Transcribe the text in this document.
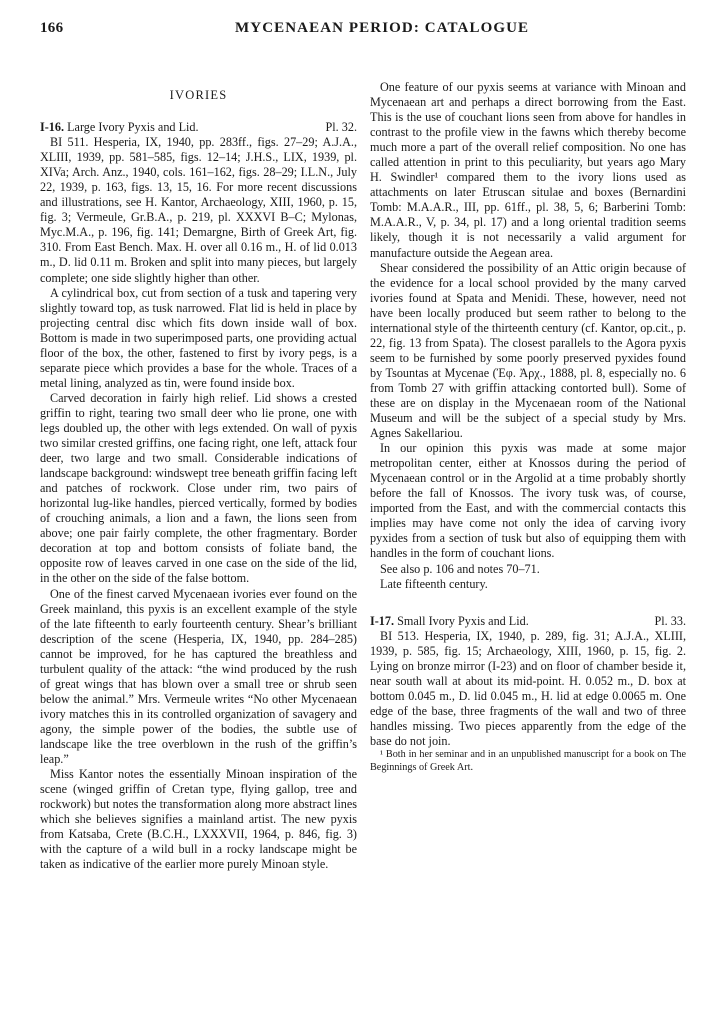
166	MYCENAEAN PERIOD: CATALOGUE
IVORIES
I-16. Large Ivory Pyxis and Lid.	Pl. 32.

BI 511. Hesperia, IX, 1940, pp. 283ff., figs. 27–29; A.J.A., XLIII, 1939, pp. 581–585, figs. 12–14; J.H.S., LIX, 1939, pl. XIVa; Arch. Anz., 1940, cols. 161–162, figs. 28–29; I.L.N., July 22, 1939, p. 163, figs. 13, 15, 16. For more recent discussions and illustrations, see H. Kantor, Archaeology, XIII, 1960, p. 15, fig. 3; Vermeule, Gr.B.A., p. 219, pl. XXXVI B–C; Mylonas, Myc.M.A., p. 196, fig. 141; Demargne, Birth of Greek Art, fig. 310. From East Bench. Max. H. over all 0.16 m., H. of lid 0.013 m., D. lid 0.11 m. Broken and split into many pieces, but largely complete; one side slightly higher than other.

A cylindrical box, cut from section of a tusk and tapering very slightly toward top, as tusk narrowed. Flat lid is held in place by projecting central disc which fits down inside wall of box. Bottom is made in two superimposed parts, one providing actual floor of the box, the other, fastened to first by ivory pegs, is a separate piece which provides a base for the whole. Traces of a metal lining, analyzed as tin, were found inside box.

Carved decoration in fairly high relief. Lid shows a crested griffin to right, tearing two small deer who lie prone, one with legs doubled up, the other with legs extended. On wall of pyxis two similar crested griffins, one facing right, one left, attack four deer, two large and two small. Considerable indications of landscape background: windswept tree beneath griffin facing left and patches of rockwork. Close under rim, two pairs of horizontal lug-like handles, pierced vertically, formed by bodies of crouching animals, a lion and a fawn, the lions seen from above; one pair fairly complete, the other fragmentary. Border decoration at top and bottom consists of foliate band, the opposite row of leaves carved in one case on the side of the lid, in the other on the side of the false bottom.

One of the finest carved Mycenaean ivories ever found on the Greek mainland, this pyxis is an excellent example of the style of the late fifteenth to early fourteenth century. Shear’s brilliant description of the scene (Hesperia, IX, 1940, pp. 284–285) cannot be improved, for he has captured the breathless and turbulent quality of the attack: “the wind produced by the rush of great wings that has blown over a small tree or shrub seen below the animal.” Mrs. Vermeule writes “No other Mycenaean ivory matches this in its controlled organization of savagery and agony, the simple power of the bodies, the subtle use of landscape like the tree overblown in the rush of the griffin’s leap.”

Miss Kantor notes the essentially Minoan inspiration of the scene (winged griffin of Cretan type, flying gallop, tree and rockwork) but notes the transformation along more abstract lines which she believes signifies a mainland artist. The new pyxis from Katsaba, Crete (B.C.H., LXXXVII, 1964, p. 846, fig. 3) with the capture of a wild bull in a rocky landscape might be taken as indicative of the earlier more purely Minoan style.

One feature of our pyxis seems at variance with Minoan and Mycenaean art and perhaps a direct borrowing from the East. This is the use of couchant lions seen from above for handles in contrast to the profile view in the fawns which thereby become much more a part of the overall relief composition. No one has called attention in print to this peculiarity, but years ago Mary H. Swindler¹ compared them to the ivory lions used as attachments on later Etruscan situlae and boxes (Bernardini Tomb: M.A.A.R., III, pp. 61ff., pl. 38, 5, 6; Barberini Tomb: M.A.A.R., V, p. 34, pl. 17) and a long oriental tradition seems likely, though it is not necessarily a valid argument for manufacture outside the Aegean area.

Shear considered the possibility of an Attic origin because of the evidence for a local school provided by the many carved ivories found at Spata and Menidi. These, however, need not have been locally produced but seem rather to belong to the international style of the thirteenth century (cf. Kantor, op.cit., p. 22, fig. 13 from Spata). The closest parallels to the Agora pyxis seem to be furnished by some poorly preserved pyxides found by Tsountas at Mycenae (Ἐφ. Ἀρχ., 1888, pl. 8, especially no. 6 from Tomb 27 with griffin attacking contorted bull). Some of these are on display in the Mycenaean room of the National Museum and will be the subject of a special study by Mrs. Agnes Sakellariou.

In our opinion this pyxis was made at some major metropolitan center, either at Knossos during the period of Mycenaean control or in the Argolid at a time probably shortly before the fall of Knossos. The ivory tusk was, of course, imported from the East, and with the commercial contacts this implies may have come not only the idea of carving ivory pyxides from a section of tusk but also of equipping them with handles in the form of couchant lions.

See also p. 106 and notes 70–71.

Late fifteenth century.

I-17. Small Ivory Pyxis and Lid.	Pl. 33.

BI 513. Hesperia, IX, 1940, p. 289, fig. 31; A.J.A., XLIII, 1939, p. 585, fig. 15; Archaeology, XIII, 1960, p. 15, fig. 2. Lying on bronze mirror (I-23) and on floor of chamber beside it, near south wall at about its mid-point. H. 0.052 m., D. box at bottom 0.045 m., D. lid 0.045 m., H. lid at edge 0.0065 m. One edge of the base, three fragments of the wall and two of three handles missing. Two pieces apparently from the edge of the base do not join.

¹ Both in her seminar and in an unpublished manuscript for a book on The Beginnings of Greek Art.
